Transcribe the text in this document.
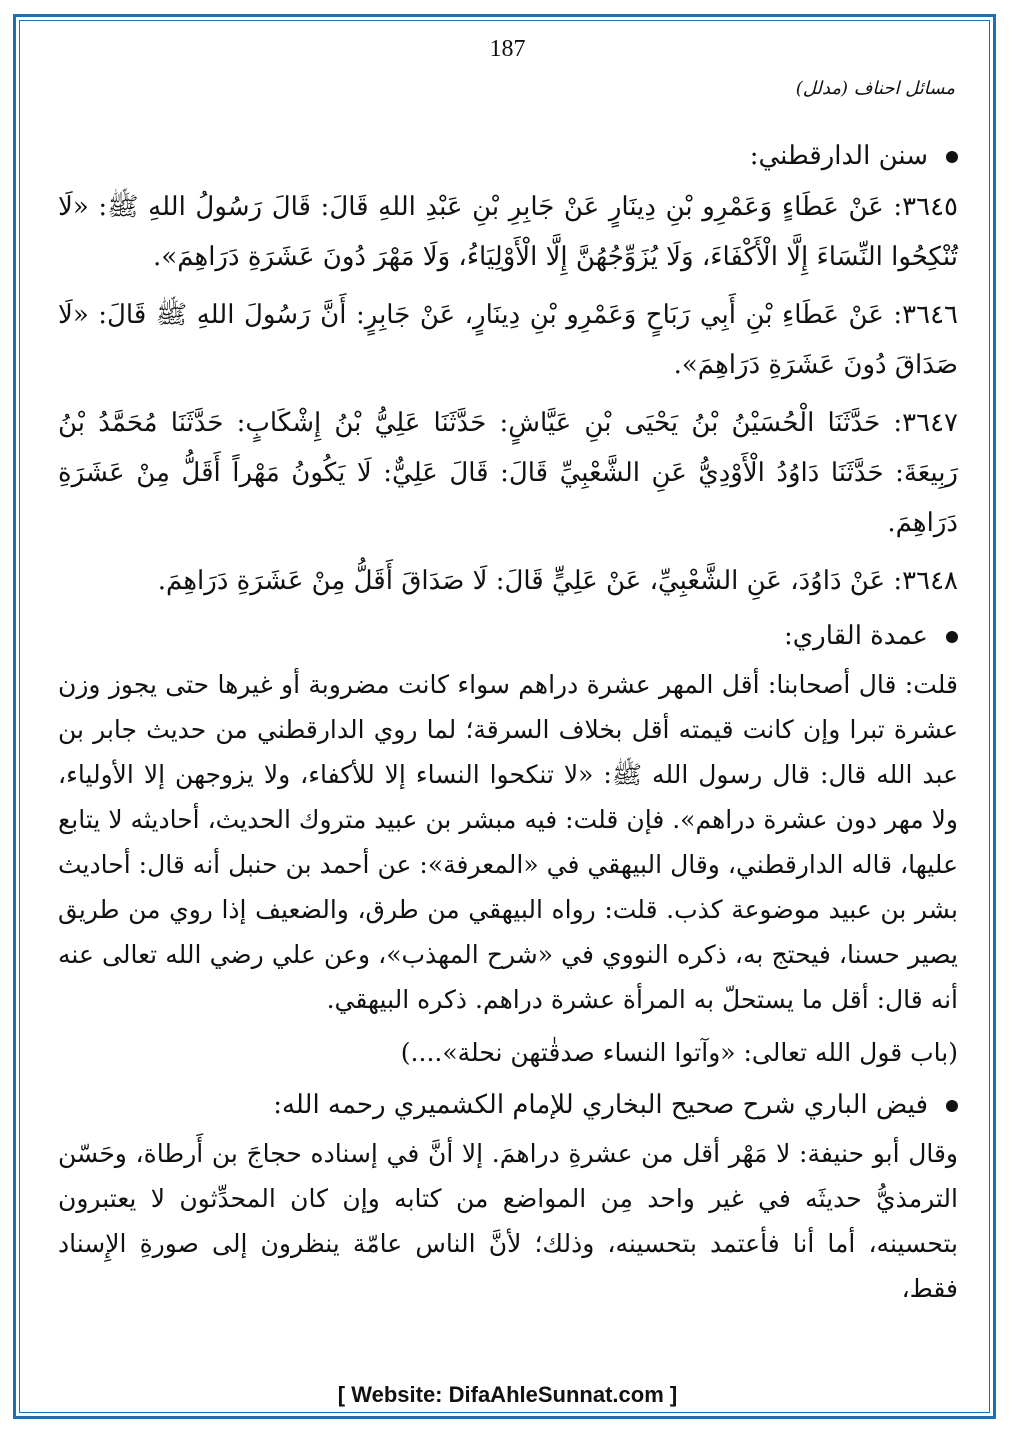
187
مسائل احناف (مدلل)

سنن الدارقطني:

٣٦٤٥: عَنْ عَطَاءٍ وَعَمْرِو بْنِ دِينَارٍ عَنْ جَابِرِ بْنِ عَبْدِ اللهِ قَالَ: قَالَ رَسُولُ اللهِ ﷺ: «لَا تُنْكِحُوا النِّسَاءَ إِلَّا الْأَكْفَاءَ، وَلَا يُزَوِّجُهُنَّ إِلَّا الْأَوْلِيَاءُ، وَلَا مَهْرَ دُونَ عَشَرَةِ دَرَاهِمَ».

٣٦٤٦: عَنْ عَطَاءِ بْنِ أَبِي رَبَاحٍ وَعَمْرِو بْنِ دِينَارٍ، عَنْ جَابِرٍ: أَنَّ رَسُولَ اللهِ ﷺ قَالَ: «لَا صَدَاقَ دُونَ عَشَرَةِ دَرَاهِمَ».

٣٦٤٧: حَدَّثَنَا الْحُسَيْنُ بْنُ يَحْيَى بْنِ عَيَّاشٍ: حَدَّثَنَا عَلِيُّ بْنُ إِشْكَابٍ: حَدَّثَنَا مُحَمَّدُ بْنُ رَبِيعَةَ: حَدَّثَنَا دَاوُدُ الْأَوْدِيُّ عَنِ الشَّعْبِيِّ قَالَ: قَالَ عَلِيٌّ: لَا يَكُونُ مَهْراً أَقَلُّ مِنْ عَشَرَةِ دَرَاهِمَ.

٣٦٤٨: عَنْ دَاوُدَ، عَنِ الشَّعْبِيِّ، عَنْ عَلِيٍّ قَالَ: لَا صَدَاقَ أَقَلُّ مِنْ عَشَرَةِ دَرَاهِمَ.

عمدة القاري:

قلت: قال أصحابنا: أقل المهر عشرة دراهم سواء كانت مضروبة أو غيرها حتى يجوز وزن عشرة تبرا وإن كانت قيمته أقل بخلاف السرقة؛ لما روي الدارقطني من حديث جابر بن عبد الله قال: قال رسول الله ﷺ: «لا تنكحوا النساء إلا للأكفاء، ولا يزوجهن إلا الأولياء، ولا مهر دون عشرة دراهم». فإن قلت: فيه مبشر بن عبيد متروك الحديث، أحاديثه لا يتابع عليها، قاله الدارقطني، وقال البيهقي في «المعرفة»: عن أحمد بن حنبل أنه قال: أحاديث بشر بن عبيد موضوعة كذب. قلت: رواه البيهقي من طرق، والضعيف إذا روي من طريق يصير حسنا، فيحتج به، ذكره النووي في «شرح المهذب»، وعن علي رضي الله تعالى عنه أنه قال: أقل ما يستحلّ به المرأة عشرة دراهم. ذكره البيهقي.

(باب قول الله تعالى: «وآتوا النساء صدقٰتهن نحلة»....)

فيض الباري شرح صحيح البخاري للإمام الكشميري رحمه الله:

وقال أبو حنيفة: لا مَهْر أقل من عشرةِ دراهمَ. إلا أنَّ في إسناده حجاجَ بن أَرطاة، وحَسّن الترمذيُّ حديثَه في غير واحد مِن المواضع من كتابه وإن كان المحدِّثون لا يعتبرون بتحسينه، أما أنا فأعتمد بتحسينه، وذلك؛ لأنَّ الناس عامّة ينظرون إلى صورةِ الإِسناد فقط،

[ Website: DifaAhleSunnat.com ]
